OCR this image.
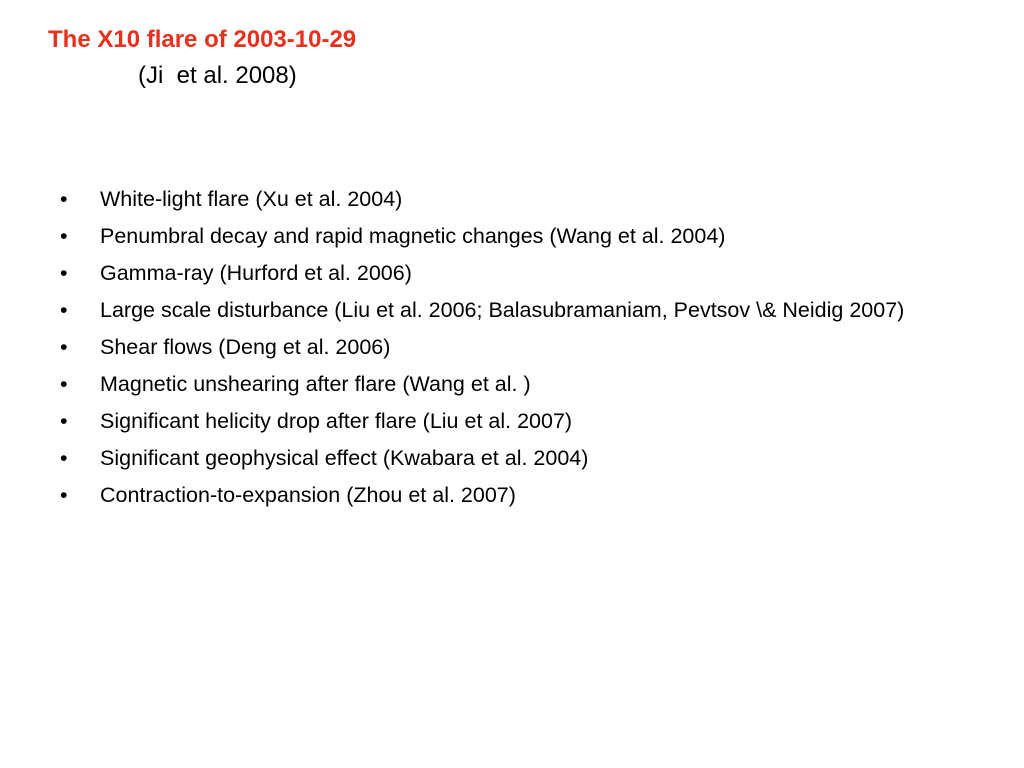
The X10 flare of 2003-10-29
(Ji  et al. 2008)
• White-light flare (Xu et al. 2004)
• Penumbral decay and rapid magnetic changes (Wang et al. 2004)
• Gamma-ray (Hurford et al. 2006)
• Large scale disturbance (Liu et al. 2006; Balasubramaniam, Pevtsov \& Neidig 2007)
• Shear flows (Deng et al. 2006)
• Magnetic unshearing after flare (Wang et al. )
• Significant helicity drop after flare (Liu et al. 2007)
• Significant geophysical effect (Kwabara et al. 2004)
• Contraction-to-expansion (Zhou et al. 2007)
